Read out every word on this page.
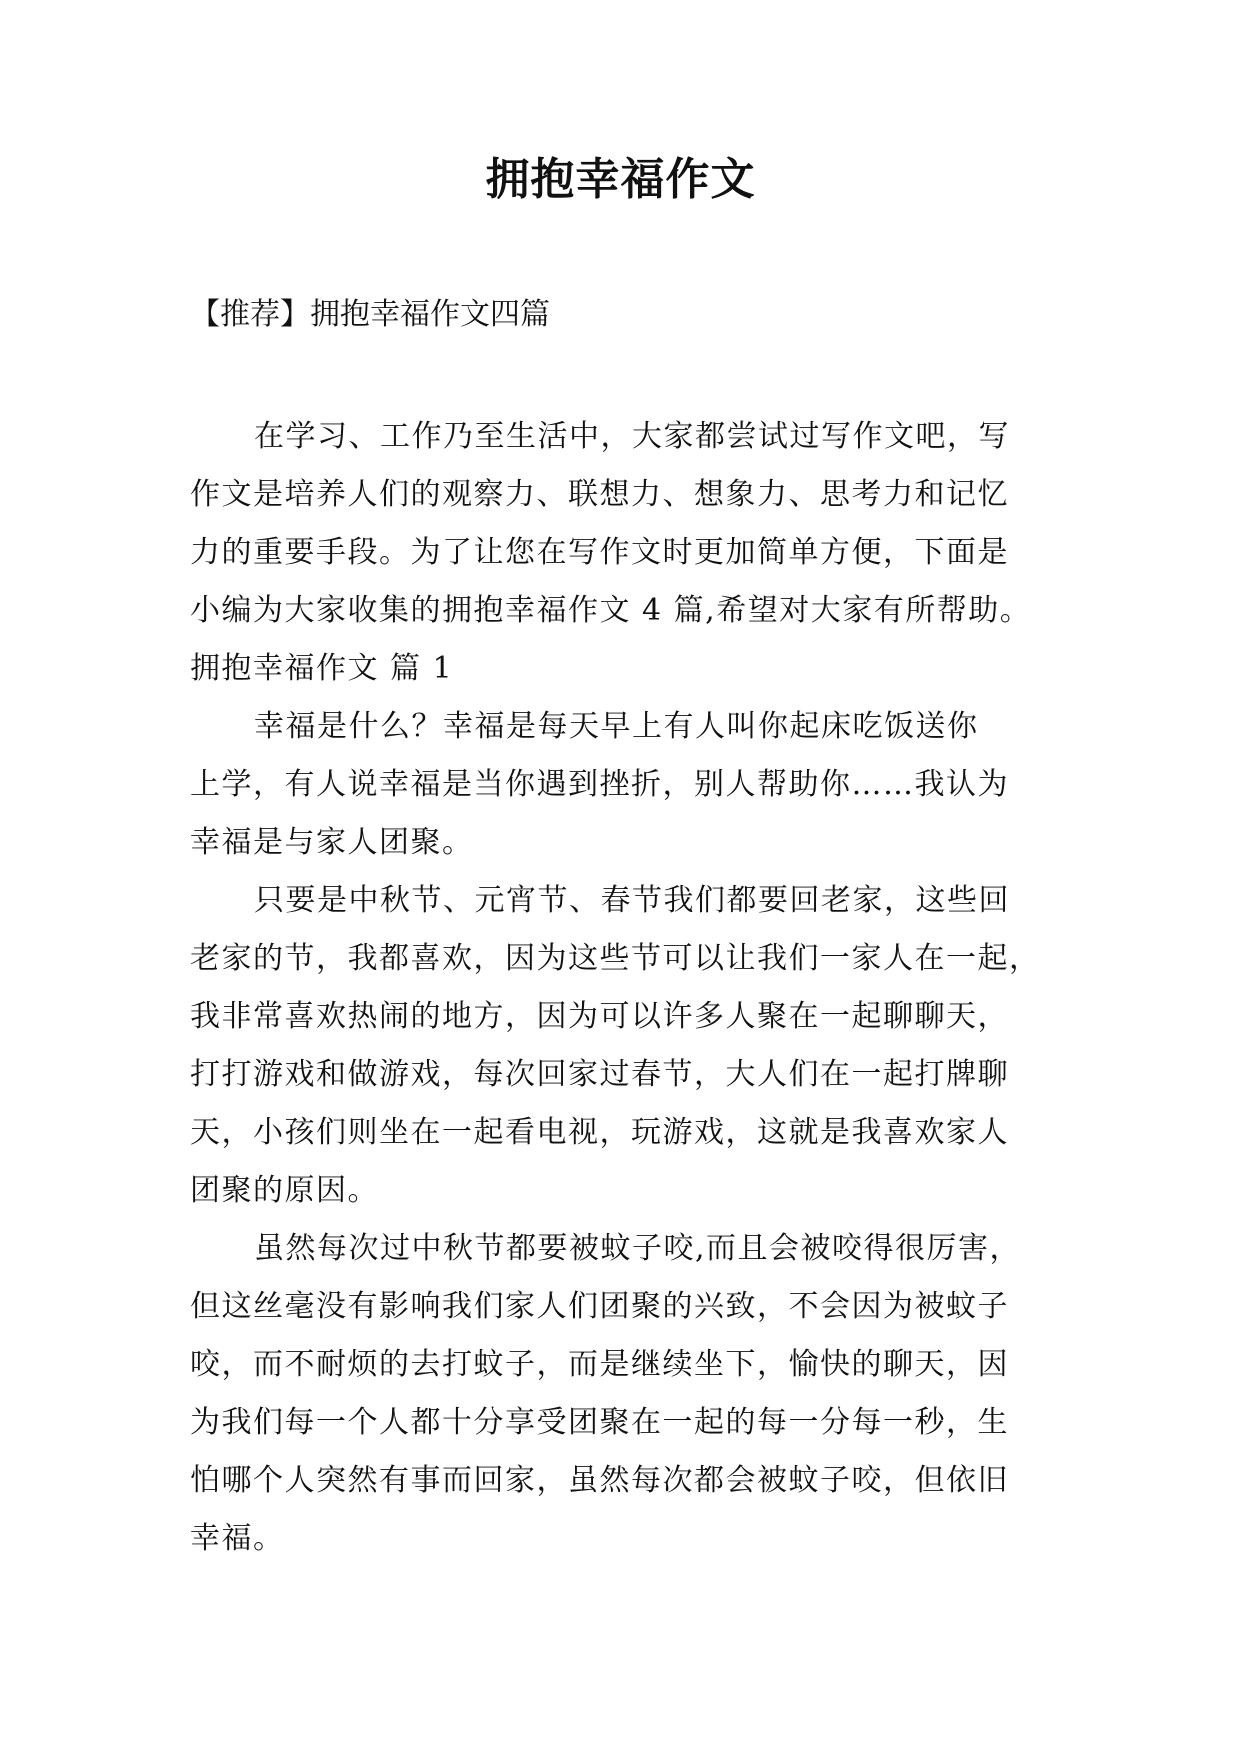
拥抱幸福作文

【推荐】拥抱幸福作文四篇

在学习、工作乃至生活中，大家都尝试过写作文吧，写
作文是培养人们的观察力、联想力、想象力、思考力和记忆
力的重要手段。为了让您在写作文时更加简单方便，下面是
小编为大家收集的拥抱幸福作文 4 篇,希望对大家有所帮助。
拥抱幸福作文 篇 1
幸福是什么？幸福是每天早上有人叫你起床吃饭送你
上学，有人说幸福是当你遇到挫折，别人帮助你……我认为
幸福是与家人团聚。
只要是中秋节、元宵节、春节我们都要回老家，这些回
老家的节，我都喜欢，因为这些节可以让我们一家人在一起，
我非常喜欢热闹的地方，因为可以许多人聚在一起聊聊天，
打打游戏和做游戏，每次回家过春节，大人们在一起打牌聊
天，小孩们则坐在一起看电视，玩游戏，这就是我喜欢家人
团聚的原因。
虽然每次过中秋节都要被蚊子咬,而且会被咬得很厉害，
但这丝毫没有影响我们家人们团聚的兴致，不会因为被蚊子
咬，而不耐烦的去打蚊子，而是继续坐下，愉快的聊天，因
为我们每一个人都十分享受团聚在一起的每一分每一秒，生
怕哪个人突然有事而回家，虽然每次都会被蚊子咬，但依旧
幸福。
